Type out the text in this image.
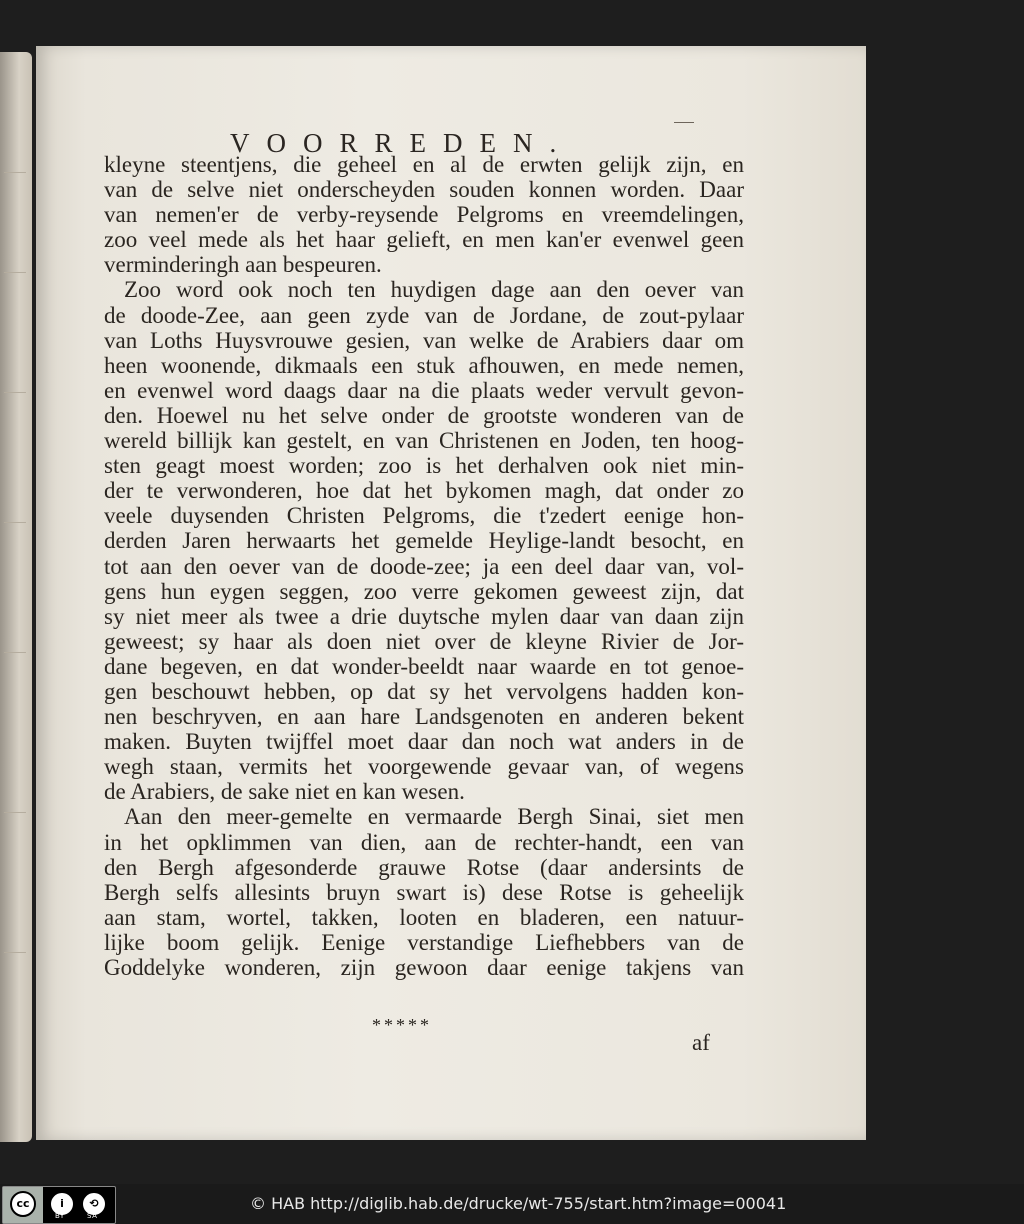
VOORREDEN.

kleyne steentjens, die geheel en al de erwten gelijk zijn, en

van de selve niet onderscheyden souden konnen worden. Daar

van nemen'er de verby-reysende Pelgroms en vreemdelingen,

zoo veel mede als het haar gelieft, en men kan'er evenwel geen

verminderingh aan bespeuren.

Zoo word ook noch ten huydigen dage aan den oever van

de doode-Zee, aan geen zyde van de Jordane, de zout-pylaar

van Loths Huysvrouwe gesien, van welke de Arabiers daar om

heen woonende, dikmaals een stuk afhouwen, en mede nemen,

en evenwel word daags daar na die plaats weder vervult gevon-

den. Hoewel nu het selve onder de grootste wonderen van de

wereld billijk kan gestelt, en van Christenen en Joden, ten hoog-

sten geagt moest worden; zoo is het derhalven ook niet min-

der te verwonderen, hoe dat het bykomen magh, dat onder zo

veele duysenden Christen Pelgroms, die t'zedert eenige hon-

derden Jaren herwaarts het gemelde Heylige-landt besocht, en

tot aan den oever van de doode-zee; ja een deel daar van, vol-

gens hun eygen seggen, zoo verre gekomen geweest zijn, dat

sy niet meer als twee a drie duytsche mylen daar van daan zijn

geweest; sy haar als doen niet over de kleyne Rivier de Jor-

dane begeven, en dat wonder-beeldt naar waarde en tot genoe-

gen beschouwt hebben, op dat sy het vervolgens hadden kon-

nen beschryven, en aan hare Landsgenoten en anderen bekent

maken. Buyten twijffel moet daar dan noch wat anders in de

wegh staan, vermits het voorgewende gevaar van, of wegens

de Arabiers, de sake niet en kan wesen.

Aan den meer-gemelte en vermaarde Bergh Sinai, siet men

in het opklimmen van dien, aan de rechter-handt, een van

den Bergh afgesonderde grauwe Rotse (daar andersints de

Bergh selfs allesints bruyn swart is) dese Rotse is geheelijk

aan stam, wortel, takken, looten en bladeren, een natuur-

lijke boom gelijk. Eenige verstandige Liefhebbers van de

Goddelyke wonderen, zijn gewoon daar eenige takjens van

*****
af
cc	i	⟲
BY	SA
© HAB http://diglib.hab.de/drucke/wt-755/start.htm?image=00041
